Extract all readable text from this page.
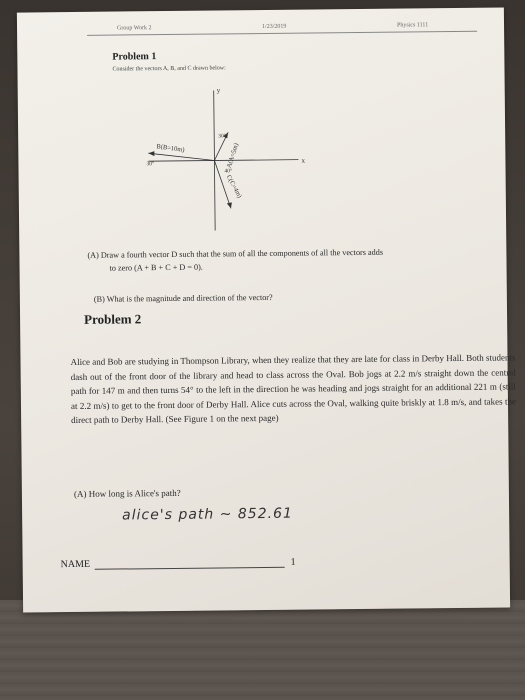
Group Work 2	1/23/2019	Physics 1111
Problem 1
Consider the vectors A, B, and C drawn below:
y
x
B(B=10m)
30°	A(A=5m)
30°
C(C=4m)
40°
(A) Draw a fourth vector D such that the sum of all the components of all the vectors adds
to zero (A + B + C + D = 0).
(B) What is the magnitude and direction of the vector?
Problem 2
Alice and Bob are studying in Thompson Library, when they realize that they are late for class in Derby Hall. Both students dash out of the front door of the library and head to class across the Oval. Bob jogs at 2.2 m/s straight down the central path for 147 m and then turns 54° to the left in the direction he was heading and jogs straight for an additional 221 m (still at 2.2 m/s) to get to the front door of Derby Hall. Alice cuts across the Oval, walking quite briskly at 1.8 m/s, and takes the direct path to Derby Hall. (See Figure 1 on the next page)
(A) How long is Alice's path?
alice's path ~ 852.61
NAME	1
